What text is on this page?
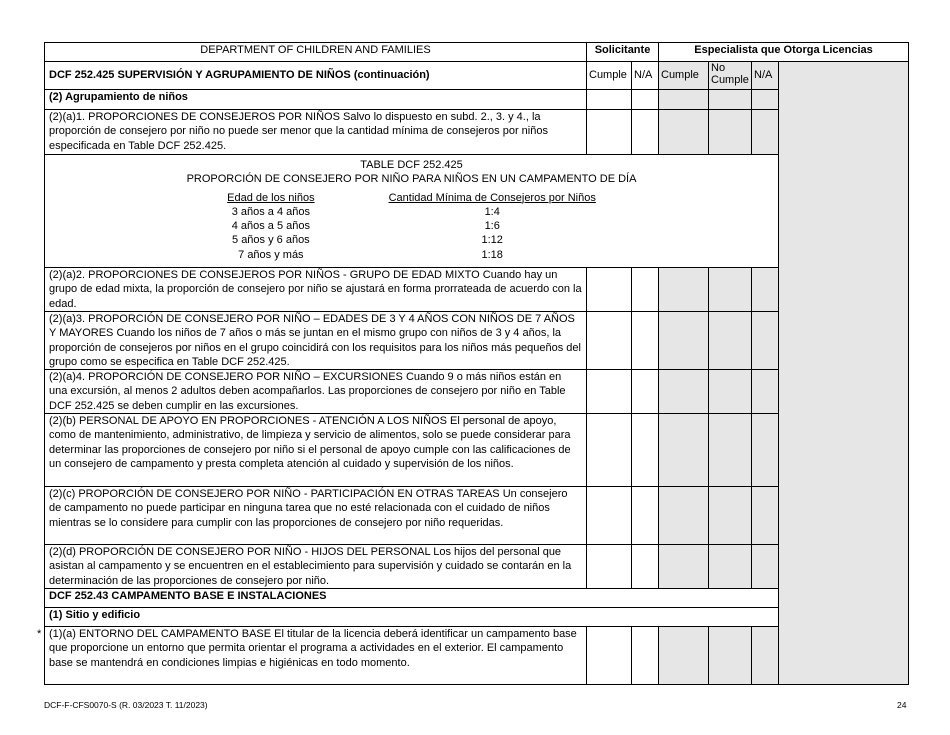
DEPARTMENT OF CHILDREN AND FAMILIES	Solicitante	Especialista que Otorga Licencias
DCF 252.425 SUPERVISIÓN Y AGRUPAMIENTO DE NIÑOS (continuación)	Cumple	N/A	Cumple	No Cumple	N/A	
(2) Agrupamiento de niños					
(2)(a)1. PROPORCIONES DE CONSEJEROS POR NIÑOS Salvo lo dispuesto en subd. 2., 3. y 4., la proporción de consejero por niño no puede ser menor que la cantidad mínima de consejeros por niños especificada en Table DCF 252.425.					

TABLE DCF 252.425
PROPORCIÓN DE CONSEJERO POR NIÑO PARA NIÑOS EN UN CAMPAMENTO DE DÍA
Edad de los niños	Cantidad Mínima de Consejeros por Niños
3 años a 4 años	1:4
4 años a 5 años	1:6
5 años y 6 años	1:12
7 años y más	1:18

(2)(a)2. PROPORCIONES DE CONSEJEROS POR NIÑOS - GRUPO DE EDAD MIXTO Cuando hay un grupo de edad mixta, la proporción de consejero por niño se ajustará en forma prorrateada de acuerdo con la edad.					
(2)(a)3. PROPORCIÓN DE CONSEJERO POR NIÑO – EDADES DE 3 Y 4 AÑOS CON NIÑOS DE 7 AÑOS Y MAYORES Cuando los niños de 7 años o más se juntan en el mismo grupo con niños de 3 y 4 años, la proporción de consejeros por niños en el grupo coincidirá con los requisitos para los niños más pequeños del grupo como se especifica en Table DCF 252.425.					
(2)(a)4. PROPORCIÓN DE CONSEJERO POR NIÑO – EXCURSIONES Cuando 9 o más niños están en una excursión, al menos 2 adultos deben acompañarlos. Las proporciones de consejero por niño en Table DCF 252.425 se deben cumplir en las excursiones.					
(2)(b) PERSONAL DE APOYO EN PROPORCIONES - ATENCIÓN A LOS NIÑOS El personal de apoyo, como de mantenimiento, administrativo, de limpieza y servicio de alimentos, solo se puede considerar para determinar las proporciones de consejero por niño si el personal de apoyo cumple con las calificaciones de un consejero de campamento y presta completa atención al cuidado y supervisión de los niños.					
(2)(c) PROPORCIÓN DE CONSEJERO POR NIÑO - PARTICIPACIÓN EN OTRAS TAREAS Un consejero de campamento no puede participar en ninguna tarea que no esté relacionada con el cuidado de niños mientras se lo considere para cumplir con las proporciones de consejero por niño requeridas.					
(2)(d) PROPORCIÓN DE CONSEJERO POR NIÑO - HIJOS DEL PERSONAL Los hijos del personal que asistan al campamento y se encuentren en el establecimiento para supervisión y cuidado se contarán en la determinación de las proporciones de consejero por niño.					
DCF 252.43 CAMPAMENTO BASE E INSTALACIONES
(1) Sitio y edificio

* (1)(a) ENTORNO DEL CAMPAMENTO BASE El titular de la licencia deberá identificar un campamento base que proporcione un entorno que permita orientar el programa a actividades en el exterior. El campamento base se mantendrá en condiciones limpias e higiénicas en todo momento.					
DCF-F-CFS0070-S (R. 03/2023 T. 11/2023)	24
